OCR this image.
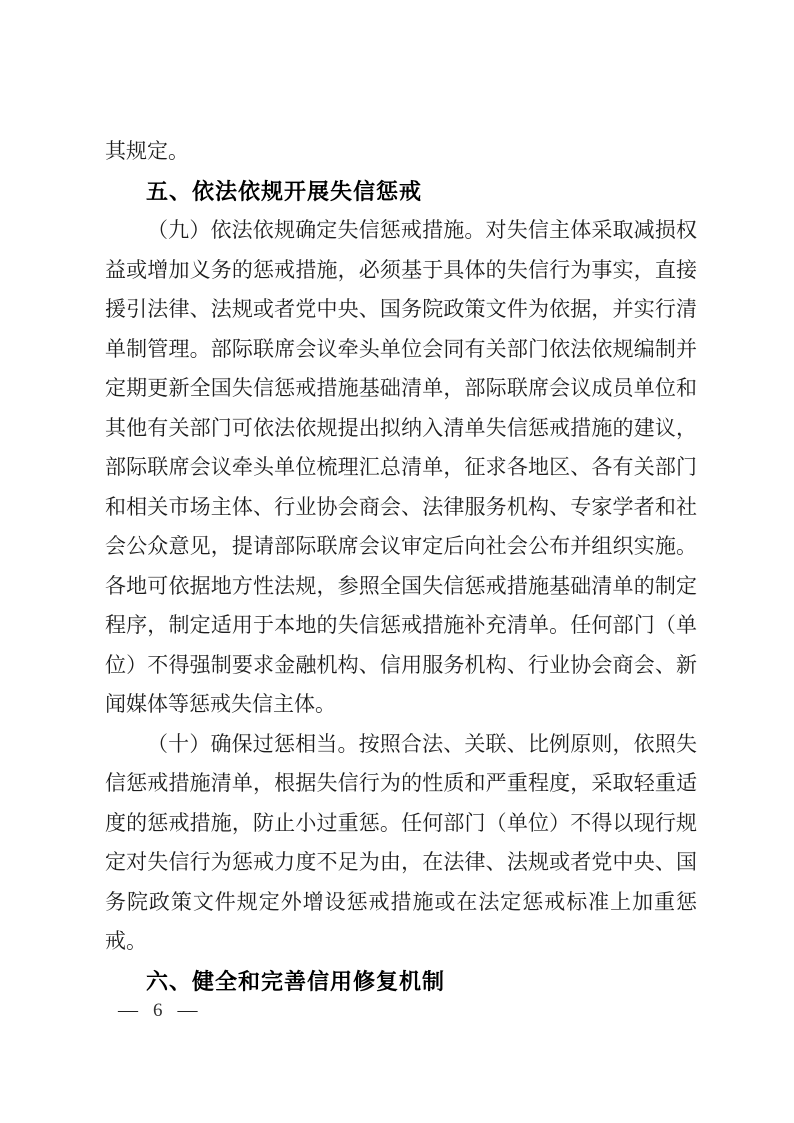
其规定。
五、依法依规开展失信惩戒
（九）依法依规确定失信惩戒措施。对失信主体采取减损权
益或增加义务的惩戒措施，必须基于具体的失信行为事实，直接
援引法律、法规或者党中央、国务院政策文件为依据，并实行清
单制管理。部际联席会议牵头单位会同有关部门依法依规编制并
定期更新全国失信惩戒措施基础清单，部际联席会议成员单位和
其他有关部门可依法依规提出拟纳入清单失信惩戒措施的建议，
部际联席会议牵头单位梳理汇总清单，征求各地区、各有关部门
和相关市场主体、行业协会商会、法律服务机构、专家学者和社
会公众意见，提请部际联席会议审定后向社会公布并组织实施。
各地可依据地方性法规，参照全国失信惩戒措施基础清单的制定
程序，制定适用于本地的失信惩戒措施补充清单。任何部门（单
位）不得强制要求金融机构、信用服务机构、行业协会商会、新
闻媒体等惩戒失信主体。
（十）确保过惩相当。按照合法、关联、比例原则，依照失
信惩戒措施清单，根据失信行为的性质和严重程度，采取轻重适
度的惩戒措施，防止小过重惩。任何部门（单位）不得以现行规
定对失信行为惩戒力度不足为由，在法律、法规或者党中央、国
务院政策文件规定外增设惩戒措施或在法定惩戒标准上加重惩
戒。
六、健全和完善信用修复机制
— 6 —
